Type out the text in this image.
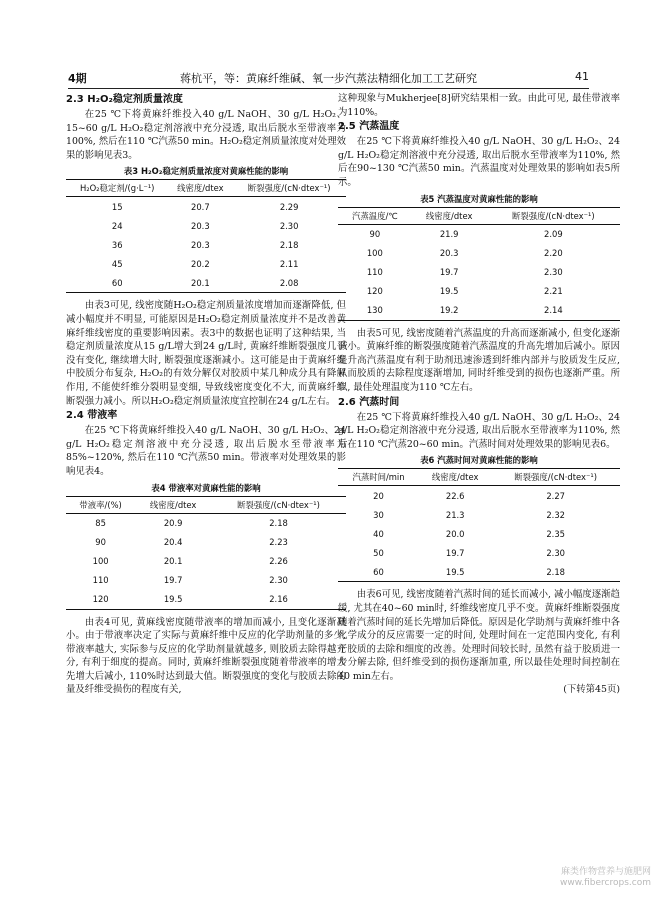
4期	蒋杭平，等：黄麻纤维碱、氧一步汽蒸法精细化加工工艺研究	41
2.3 H₂O₂稳定剂质量浓度

在25 ℃下将黄麻纤维投入40 g/L NaOH、30 g/L H₂O₂、15~60 g/L H₂O₂稳定剂溶液中充分浸透, 取出后脱水至带液率为100%, 然后在110 ℃汽蒸50 min。H₂O₂稳定剂质量浓度对处理效果的影响见表3。

表3 H₂O₂稳定剂质量浓度对黄麻性能的影响
H₂O₂稳定剂/(g·L⁻¹)	线密度/dtex	断裂强度/(cN·dtex⁻¹)
15	20.7	2.29
24	20.3	2.30
36	20.3	2.18
45	20.2	2.11
60	20.1	2.08

由表3可见, 线密度随H₂O₂稳定剂质量浓度增加而逐渐降低, 但减小幅度并不明显, 可能原因是H₂O₂稳定剂质量浓度并不是改善黄麻纤维线密度的重要影响因素。表3中的数据也证明了这种结果, 当稳定剂质量浓度从15 g/L增大到24 g/L时, 黄麻纤维断裂强度几乎没有变化, 继续增大时, 断裂强度逐渐减小。这可能是由于黄麻纤维中胶质分布复杂, H₂O₂的有效分解仅对胶质中某几种成分具有降解作用, 不能使纤维分裂明显变细, 导致线密度变化不大, 而黄麻纤维断裂强力减小。所以H₂O₂稳定剂质量浓度宜控制在24 g/L左右。

2.4 带液率

在25 ℃下将黄麻纤维投入40 g/L NaOH、30 g/L H₂O₂、24 g/L H₂O₂稳定剂溶液中充分浸透, 取出后脱水至带液率为85%~120%, 然后在110 ℃汽蒸50 min。带液率对处理效果的影响见表4。

表4 带液率对黄麻性能的影响
带液率/(%)	线密度/dtex	断裂强度/(cN·dtex⁻¹)
85	20.9	2.18
90	20.4	2.23
100	20.1	2.26
110	19.7	2.30
120	19.5	2.16

由表4可见, 黄麻线密度随带液率的增加而减小, 且变化逐渐减小。由于带液率决定了实际与黄麻纤维中反应的化学助剂量的多少, 带液率越大, 实际参与反应的化学助剂量就越多, 则胶质去除得越充分, 有利于细度的提高。同时, 黄麻纤维断裂强度随着带液率的增大先增大后减小, 110%时达到最大值。断裂强度的变化与胶质去除的量及纤维受损伤的程度有关,

这种现象与Mukherjee[8]研究结果相一致。由此可见, 最佳带液率为110%。

2.5 汽蒸温度

在25 ℃下将黄麻纤维投入40 g/L NaOH、30 g/L H₂O₂、24 g/L H₂O₂稳定剂溶液中充分浸透, 取出后脱水至带液率为110%, 然后在90~130 ℃汽蒸50 min。汽蒸温度对处理效果的影响如表5所示。

表5 汽蒸温度对黄麻性能的影响
汽蒸温度/℃	线密度/dtex	断裂强度/(cN·dtex⁻¹)
90	21.9	2.09
100	20.3	2.20
110	19.7	2.30
120	19.5	2.21
130	19.2	2.14

由表5可见, 线密度随着汽蒸温度的升高而逐渐减小, 但变化逐渐减小。黄麻纤维的断裂强度随着汽蒸温度的升高先增加后减小。原因是升高汽蒸温度有利于助剂迅速渗透到纤维内部并与胶质发生反应, 从而胶质的去除程度逐渐增加, 同时纤维受到的损伤也逐渐严重。所以, 最佳处理温度为110 ℃左右。

2.6 汽蒸时间

在25 ℃下将黄麻纤维投入40 g/L NaOH、30 g/L H₂O₂、24 g/L H₂O₂稳定剂溶液中充分浸透, 取出后脱水至带液率为110%, 然后在110 ℃汽蒸20~60 min。汽蒸时间对处理效果的影响见表6。

表6 汽蒸时间对黄麻性能的影响
汽蒸时间/min	线密度/dtex	断裂强度/(cN·dtex⁻¹)
20	22.6	2.27
30	21.3	2.32
40	20.0	2.35
50	19.7	2.30
60	19.5	2.18

由表6可见, 线密度随着汽蒸时间的延长而减小, 减小幅度逐渐趋缓, 尤其在40~60 min时, 纤维线密度几乎不变。黄麻纤维断裂强度随着汽蒸时间的延长先增加后降低。原因是化学助剂与黄麻纤维中各化学成分的反应需要一定的时间, 处理时间在一定范围内变化, 有利于胶质的去除和细度的改善。处理时间较长时, 虽然有益于胶质进一步分解去除, 但纤维受到的损伤逐渐加重, 所以最佳处理时间控制在40 min左右。

(下转第45页)
麻类作物营养与施肥网
www.fibercrops.com
